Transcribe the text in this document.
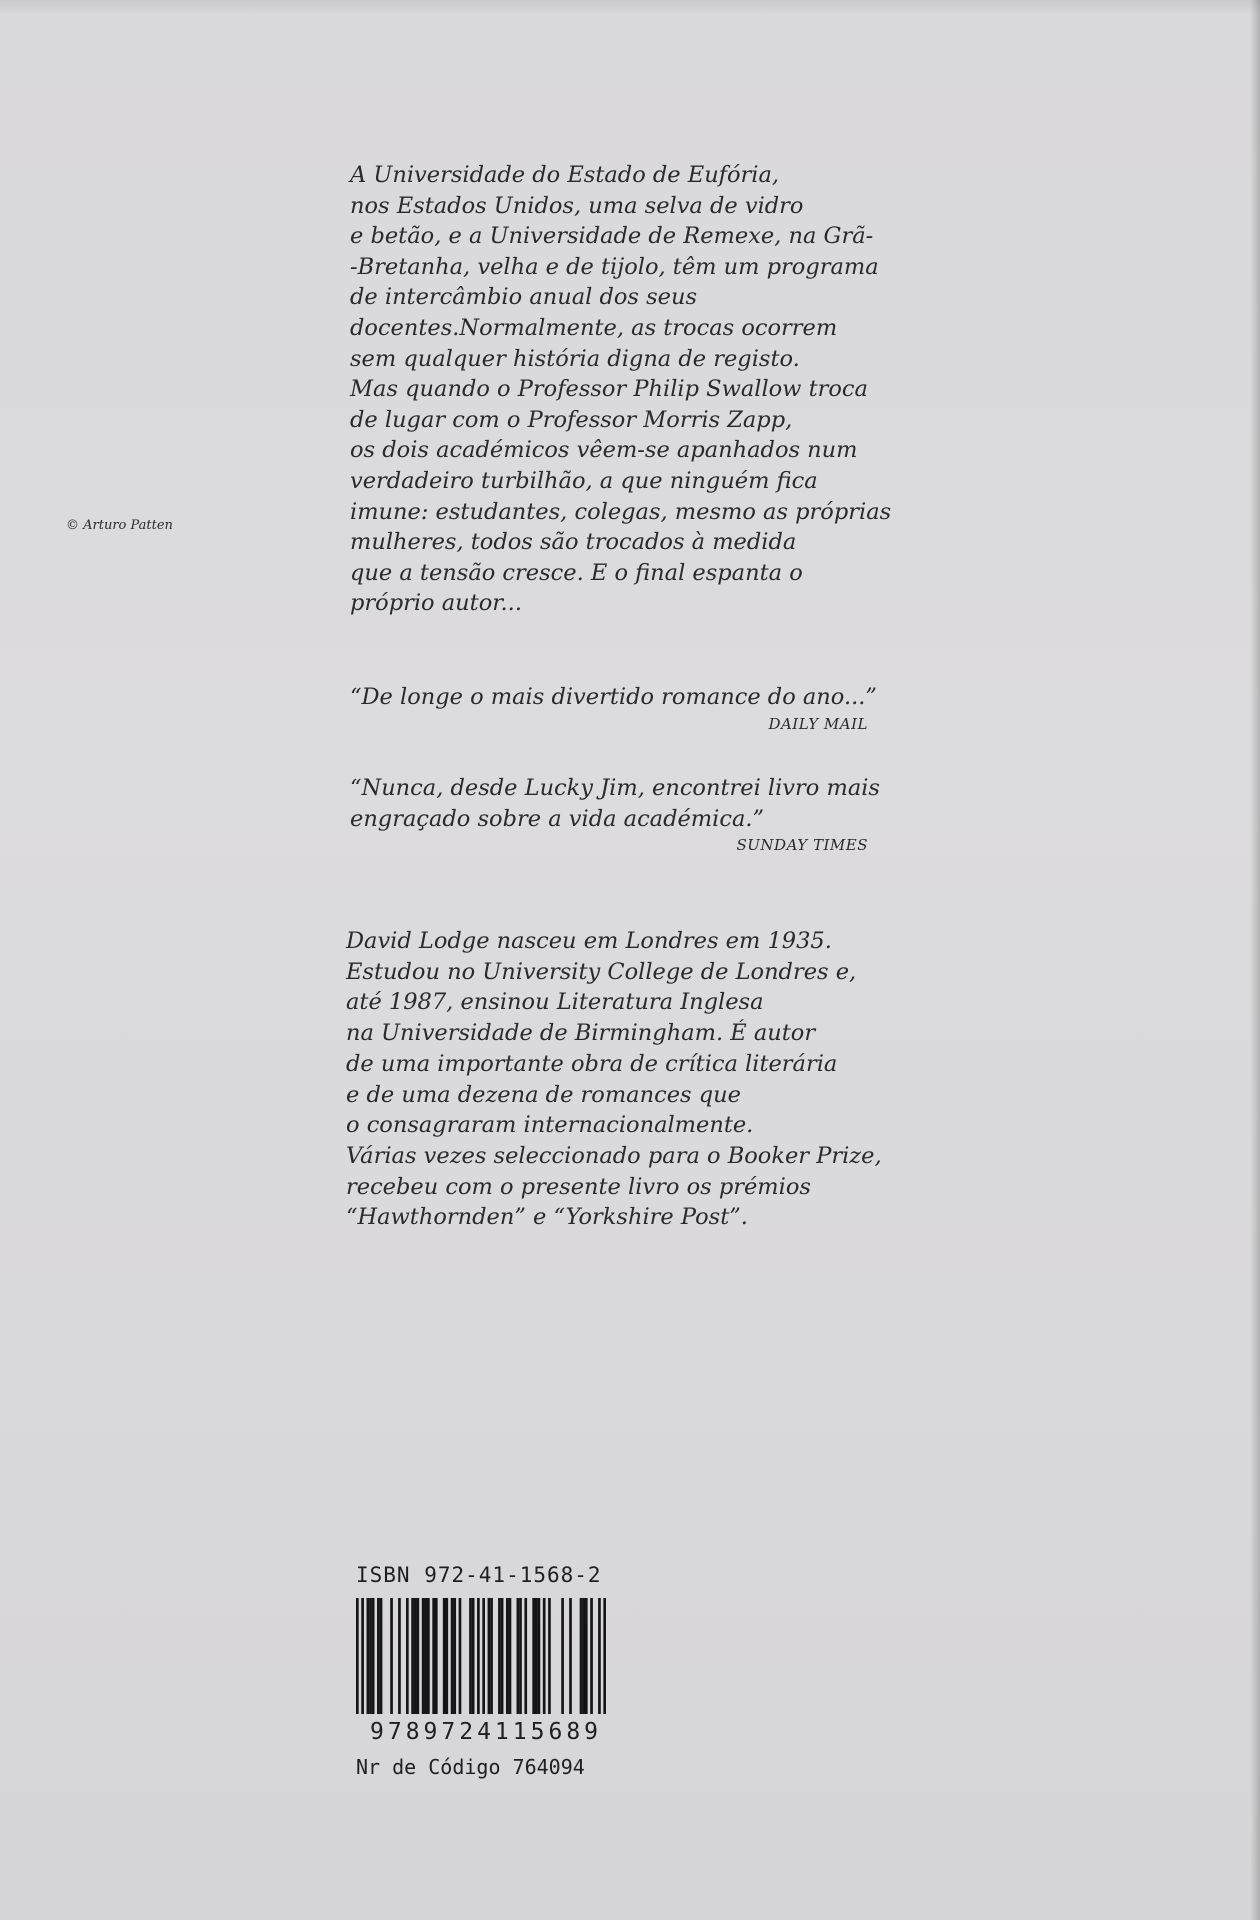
© Arturo Patten
A Universidade do Estado de Eufória,
nos Estados Unidos, uma selva de vidro
e betão, e a Universidade de Remexe, na Grã-
-Bretanha, velha e de tijolo, têm um programa
de intercâmbio anual dos seus
docentes.Normalmente, as trocas ocorrem
sem qualquer história digna de registo.
Mas quando o Professor Philip Swallow troca
de lugar com o Professor Morris Zapp,
os dois académicos vêem-se apanhados num
verdadeiro turbilhão, a que ninguém fica
imune: estudantes, colegas, mesmo as próprias
mulheres, todos são trocados à medida
que a tensão cresce. E o final espanta o
próprio autor...
“De longe o mais divertido romance do ano...”
DAILY MAIL
“Nunca, desde Lucky Jim, encontrei livro mais
engraçado sobre a vida académica.”
SUNDAY TIMES
David Lodge nasceu em Londres em 1935.
Estudou no University College de Londres e,
até 1987, ensinou Literatura Inglesa
na Universidade de Birmingham. É autor
de uma importante obra de crítica literária
e de uma dezena de romances que
o consagraram internacionalmente.
Várias vezes seleccionado para o Booker Prize,
recebeu com o presente livro os prémios
“Hawthornden” e “Yorkshire Post”.
ISBN 972-41-1568-2
9789724115689
Nr de Código 764094
